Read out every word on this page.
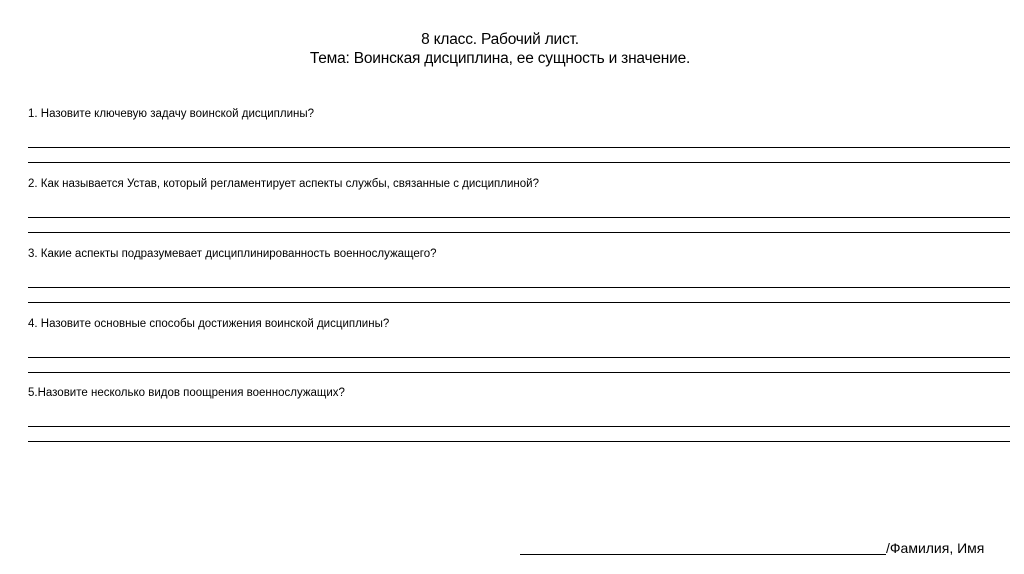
8 класс. Рабочий лист.
Тема: Воинская дисциплина, ее сущность и значение.
1. Назовите ключевую задачу воинской дисциплины?
2. Как называется Устав, который регламентирует аспекты службы, связанные с дисциплиной?
3. Какие аспекты подразумевает дисциплинированность военнослужащего?
4. Назовите основные способы достижения воинской дисциплины?
5.Назовите несколько видов поощрения военнослужащих?
/Фамилия, Имя
